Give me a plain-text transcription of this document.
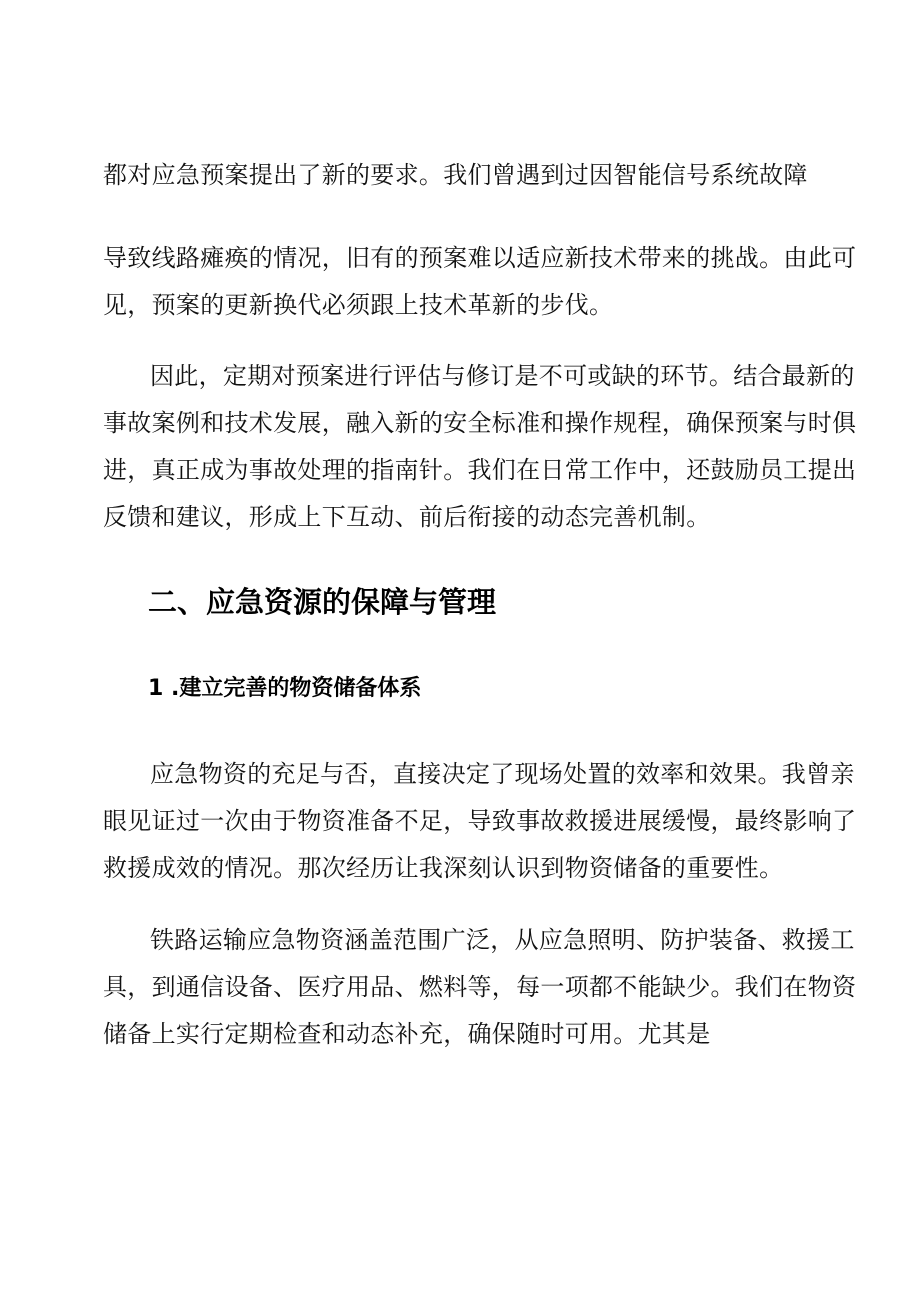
都对应急预案提出了新的要求。我们曾遇到过因智能信号系统故障
导致线路瘫痪的情况，旧有的预案难以适应新技术带来的挑战。由此可
见，预案的更新换代必须跟上技术革新的步伐。
因此，定期对预案进行评估与修订是不可或缺的环节。结合最新的
事故案例和技术发展，融入新的安全标准和操作规程，确保预案与时俱
进，真正成为事故处理的指南针。我们在日常工作中，还鼓励员工提出
反馈和建议，形成上下互动、前后衔接的动态完善机制。
二、应急资源的保障与管理
1 .建立完善的物资储备体系
应急物资的充足与否，直接决定了现场处置的效率和效果。我曾亲
眼见证过一次由于物资准备不足，导致事故救援进展缓慢，最终影响了
救援成效的情况。那次经历让我深刻认识到物资储备的重要性。
铁路运输应急物资涵盖范围广泛，从应急照明、防护装备、救援工
具，到通信设备、医疗用品、燃料等，每一项都不能缺少。我们在物资
储备上实行定期检查和动态补充，确保随时可用。尤其是
